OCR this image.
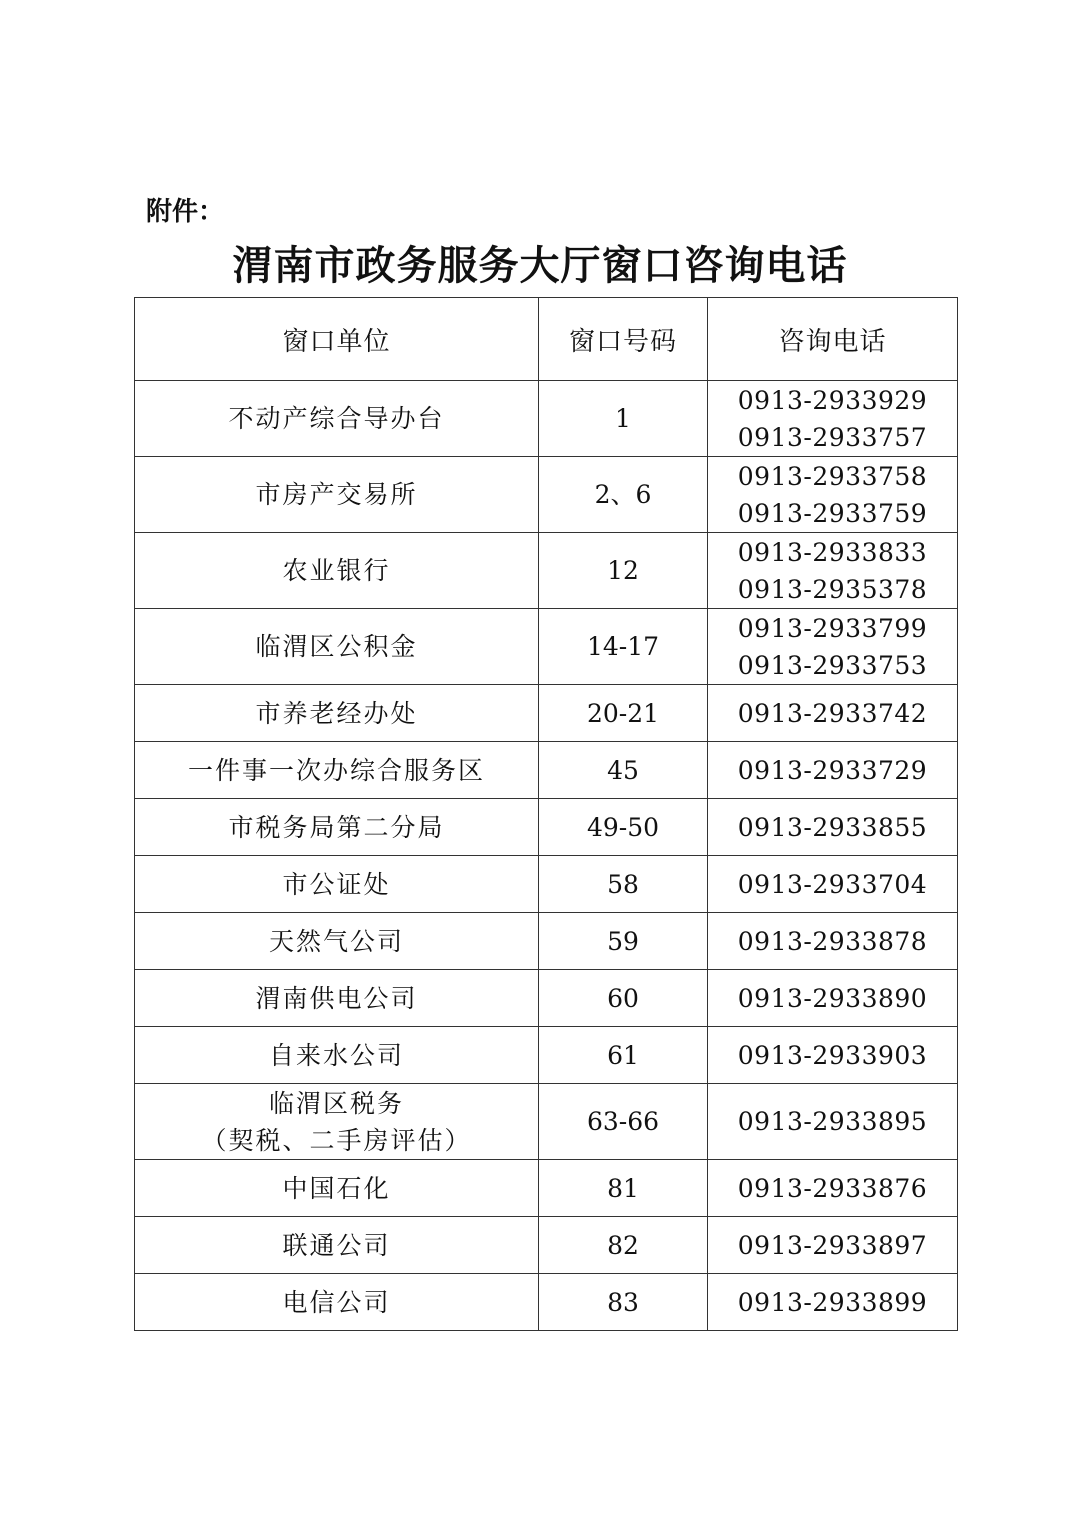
附件：
渭南市政务服务大厅窗口咨询电话
窗口单位	窗口号码	咨询电话

不动产综合导办台	1	0913-2933929
0913-2933757

市房产交易所	2、6	0913-2933758
0913-2933759

农业银行	12	0913-2933833
0913-2935378

临渭区公积金	14-17	0913-2933799
0913-2933753

市养老经办处	20-21	0913-2933742

一件事一次办综合服务区	45	0913-2933729

市税务局第二分局	49-50	0913-2933855

市公证处	58	0913-2933704

天然气公司	59	0913-2933878

渭南供电公司	60	0913-2933890

自来水公司	61	0913-2933903

临渭区税务
（契税、二手房评估）	63-66	0913-2933895

中国石化	81	0913-2933876

联通公司	82	0913-2933897

电信公司	83	0913-2933899
